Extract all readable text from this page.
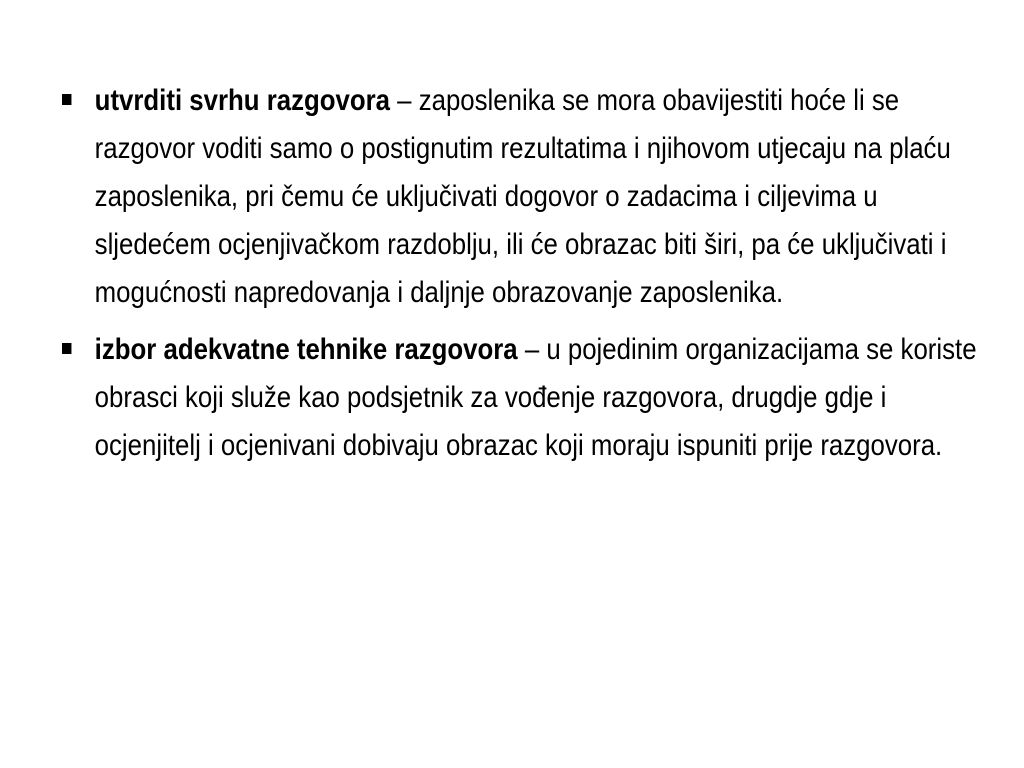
utvrditi svrhu razgovora – zaposlenika se mora obavijestiti hoće li se razgovor voditi samo o postignutim rezultatima i njihovom utjecaju na plaću zaposlenika, pri čemu će uključivati dogovor o zadacima i ciljevima u sljedećem ocjenjivačkom razdoblju, ili će obrazac biti širi, pa će uključivati i mogućnosti napredovanja i daljnje obrazovanje zaposlenika.
izbor adekvatne tehnike razgovora – u pojedinim organizacijama se koriste obrasci koji služe kao podsjetnik za vođenje razgovora, drugdje gdje i ocjenjitelj i ocjenivani dobivaju obrazac koji moraju ispuniti prije razgovora.
